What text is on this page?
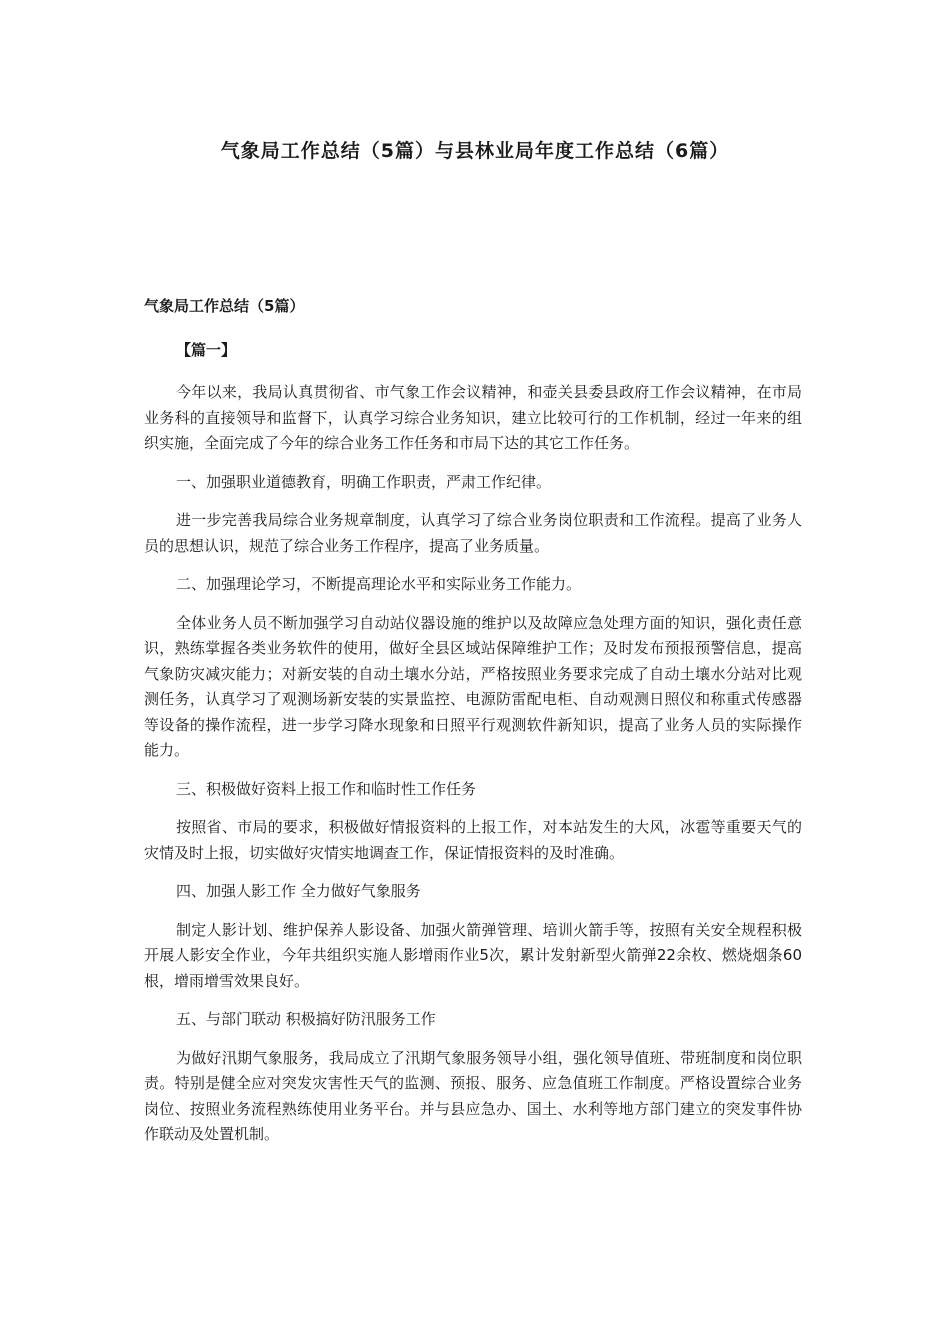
气象局工作总结（5篇）与县林业局年度工作总结（6篇）

气象局工作总结（5篇）

【篇一】

今年以来，我局认真贯彻省、市气象工作会议精神，和壶关县委县政府工作会议精神，在市局业务科的直接领导和监督下，认真学习综合业务知识，建立比较可行的工作机制，经过一年来的组织实施，全面完成了今年的综合业务工作任务和市局下达的其它工作任务。

一、加强职业道德教育，明确工作职责，严肃工作纪律。

进一步完善我局综合业务规章制度，认真学习了综合业务岗位职责和工作流程。提高了业务人员的思想认识，规范了综合业务工作程序，提高了业务质量。

二、加强理论学习，不断提高理论水平和实际业务工作能力。

全体业务人员不断加强学习自动站仪器设施的维护以及故障应急处理方面的知识，强化责任意识，熟练掌握各类业务软件的使用，做好全县区域站保障维护工作；及时发布预报预警信息，提高气象防灾减灾能力；对新安装的自动土壤水分站，严格按照业务要求完成了自动土壤水分站对比观测任务，认真学习了观测场新安装的实景监控、电源防雷配电柜、自动观测日照仪和称重式传感器等设备的操作流程，进一步学习降水现象和日照平行观测软件新知识，提高了业务人员的实际操作能力。

三、积极做好资料上报工作和临时性工作任务

按照省、市局的要求，积极做好情报资料的上报工作，对本站发生的大风，冰雹等重要天气的灾情及时上报，切实做好灾情实地调查工作，保证情报资料的及时准确。

四、加强人影工作 全力做好气象服务

制定人影计划、维护保养人影设备、加强火箭弹管理、培训火箭手等，按照有关安全规程积极开展人影安全作业，今年共组织实施人影增雨作业5次，累计发射新型火箭弹22余枚、燃烧烟条60根，增雨增雪效果良好。

五、与部门联动 积极搞好防汛服务工作

为做好汛期气象服务，我局成立了汛期气象服务领导小组，强化领导值班、带班制度和岗位职责。特别是健全应对突发灾害性天气的监测、预报、服务、应急值班工作制度。严格设置综合业务岗位、按照业务流程熟练使用业务平台。并与县应急办、国土、水利等地方部门建立的突发事件协作联动及处置机制。
